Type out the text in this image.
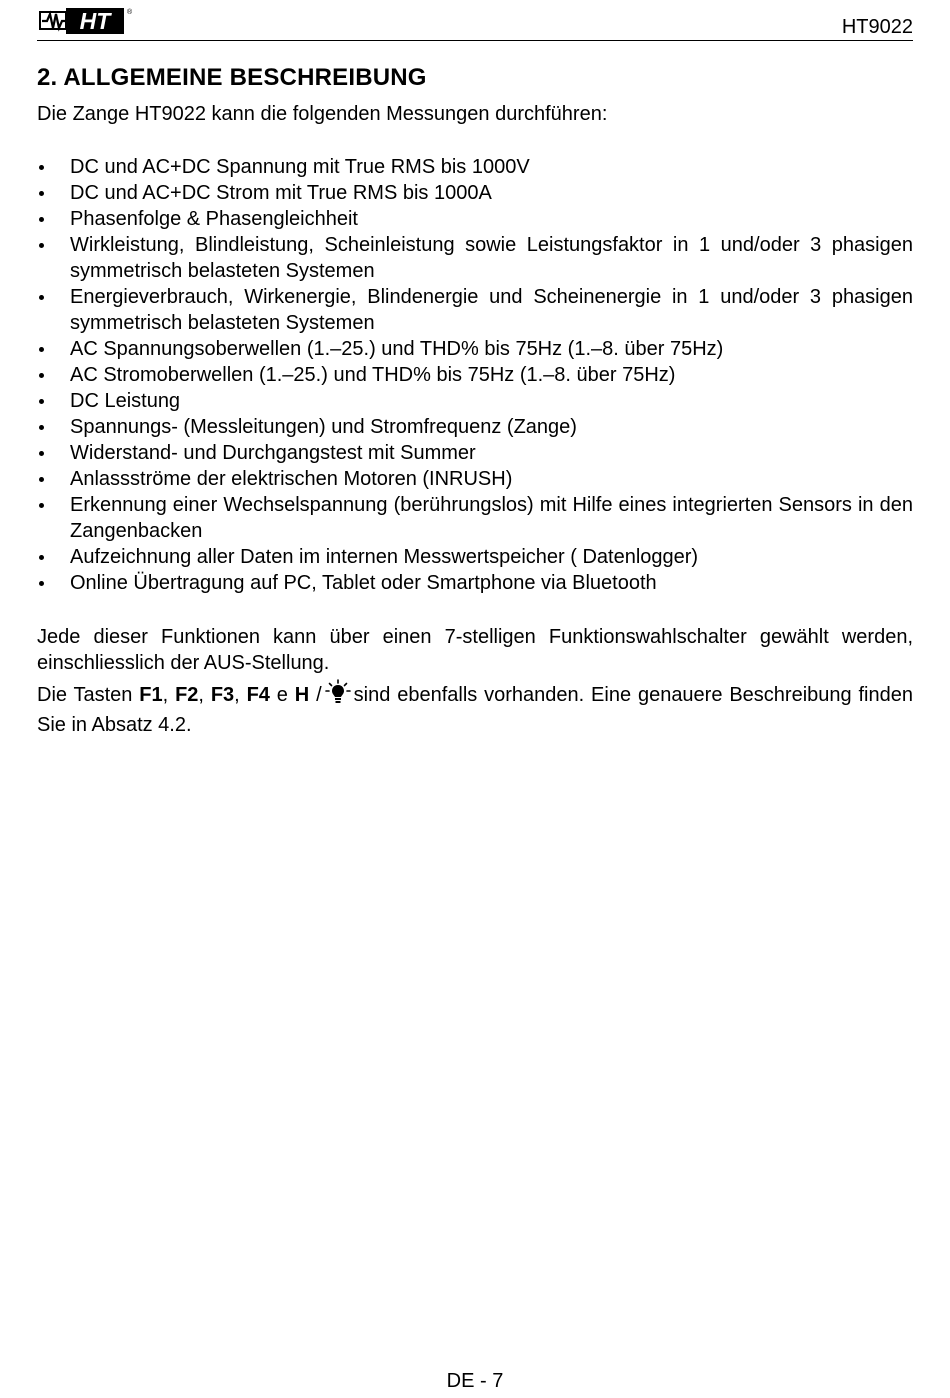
HT ®
HT9022
2. ALLGEMEINE BESCHREIBUNG
Die Zange HT9022 kann die folgenden Messungen durchführen:
DC und AC+DC Spannung mit True RMS bis 1000V
DC und AC+DC Strom mit True RMS bis 1000A
Phasenfolge & Phasengleichheit
Wirkleistung, Blindleistung, Scheinleistung sowie Leistungsfaktor in 1 und/oder 3 phasigen symmetrisch belasteten Systemen
Energieverbrauch, Wirkenergie, Blindenergie und Scheinenergie in 1 und/oder 3 phasigen symmetrisch belasteten Systemen
AC Spannungsoberwellen (1.–25.) und THD% bis 75Hz (1.–8. über 75Hz)
AC Stromoberwellen (1.–25.) und THD% bis 75Hz (1.–8. über 75Hz)
DC Leistung
Spannungs- (Messleitungen) und Stromfrequenz (Zange)
Widerstand- und Durchgangstest mit Summer
Anlassströme der elektrischen Motoren (INRUSH)
Erkennung einer Wechselspannung (berührungslos) mit Hilfe eines integrierten Sensors in den Zangenbacken
Aufzeichnung aller Daten im internen Messwertspeicher ( Datenlogger)
Online Übertragung auf PC, Tablet oder Smartphone via Bluetooth

Jede dieser Funktionen kann über einen 7-stelligen Funktionswahlschalter gewählt werden, einschliesslich der AUS-Stellung.

Die Tasten F1, F2, F3, F4 e H / sind ebenfalls vorhanden. Eine genauere Beschreibung finden Sie in Absatz 4.2.

DE - 7
